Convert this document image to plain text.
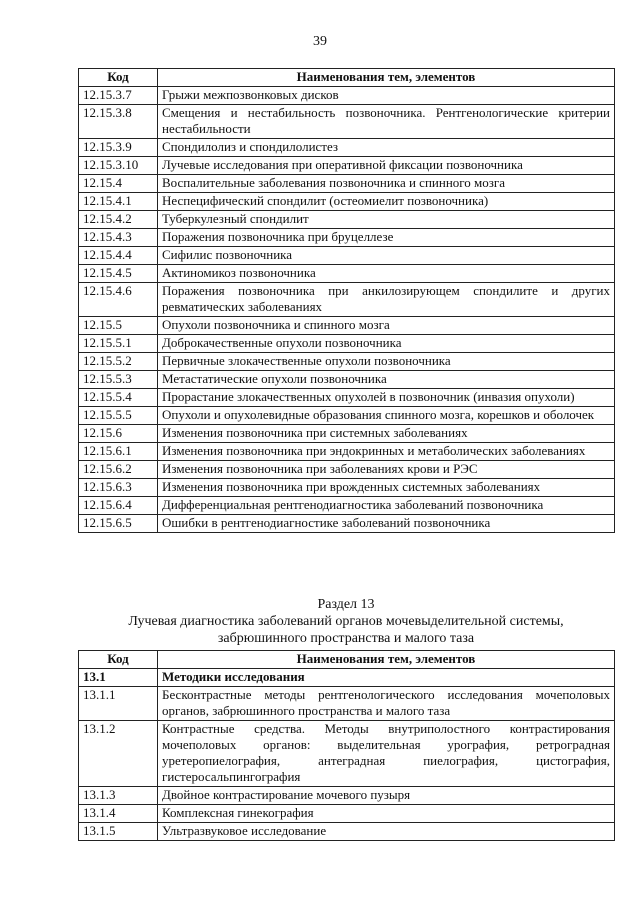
39
Код	Наименования тем, элементов
12.15.3.7	Грыжи межпозвонковых дисков
12.15.3.8	Смещения и нестабильность позвоночника. Рентгенологические критерии нестабильности
12.15.3.9	Спондилолиз и спондилолистез
12.15.3.10	Лучевые исследования при оперативной фиксации позвоночника
12.15.4	Воспалительные заболевания позвоночника и спинного мозга
12.15.4.1	Неспецифический спондилит (остеомиелит позвоночника)
12.15.4.2	Туберкулезный спондилит
12.15.4.3	Поражения позвоночника при бруцеллезе
12.15.4.4	Сифилис позвоночника
12.15.4.5	Актиномикоз позвоночника
12.15.4.6	Поражения позвоночника при анкилозирующем спондилите и других ревматических заболеваниях
12.15.5	Опухоли позвоночника и спинного мозга
12.15.5.1	Доброкачественные опухоли позвоночника
12.15.5.2	Первичные злокачественные опухоли позвоночника
12.15.5.3	Метастатические опухоли позвоночника
12.15.5.4	Прорастание злокачественных опухолей в позвоночник (инвазия опухоли)
12.15.5.5	Опухоли и опухолевидные образования спинного мозга, корешков и оболочек
12.15.6	Изменения позвоночника при системных заболеваниях
12.15.6.1	Изменения позвоночника при эндокринных и метаболических заболеваниях
12.15.6.2	Изменения позвоночника при заболеваниях крови и РЭС
12.15.6.3	Изменения позвоночника при врожденных системных заболеваниях
12.15.6.4	Дифференциальная рентгенодиагностика заболеваний позвоночника
12.15.6.5	Ошибки в рентгенодиагностике заболеваний позвоночника
Раздел 13
Лучевая диагностика заболеваний органов мочевыделительной системы,
забрюшинного пространства и малого таза
Код	Наименования тем, элементов
13.1	Методики исследования
13.1.1	Бесконтрастные методы рентгенологического исследования мочеполовых органов, забрюшинного пространства и малого таза
13.1.2	Контрастные средства. Методы внутриполостного контрастирования мочеполовых органов: выделительная урография, ретроградная уретеропиелография, антеградная пиелография, цистография, гистеросальпингография
13.1.3	Двойное контрастирование мочевого пузыря
13.1.4	Комплексная гинекография
13.1.5	Ультразвуковое исследование
